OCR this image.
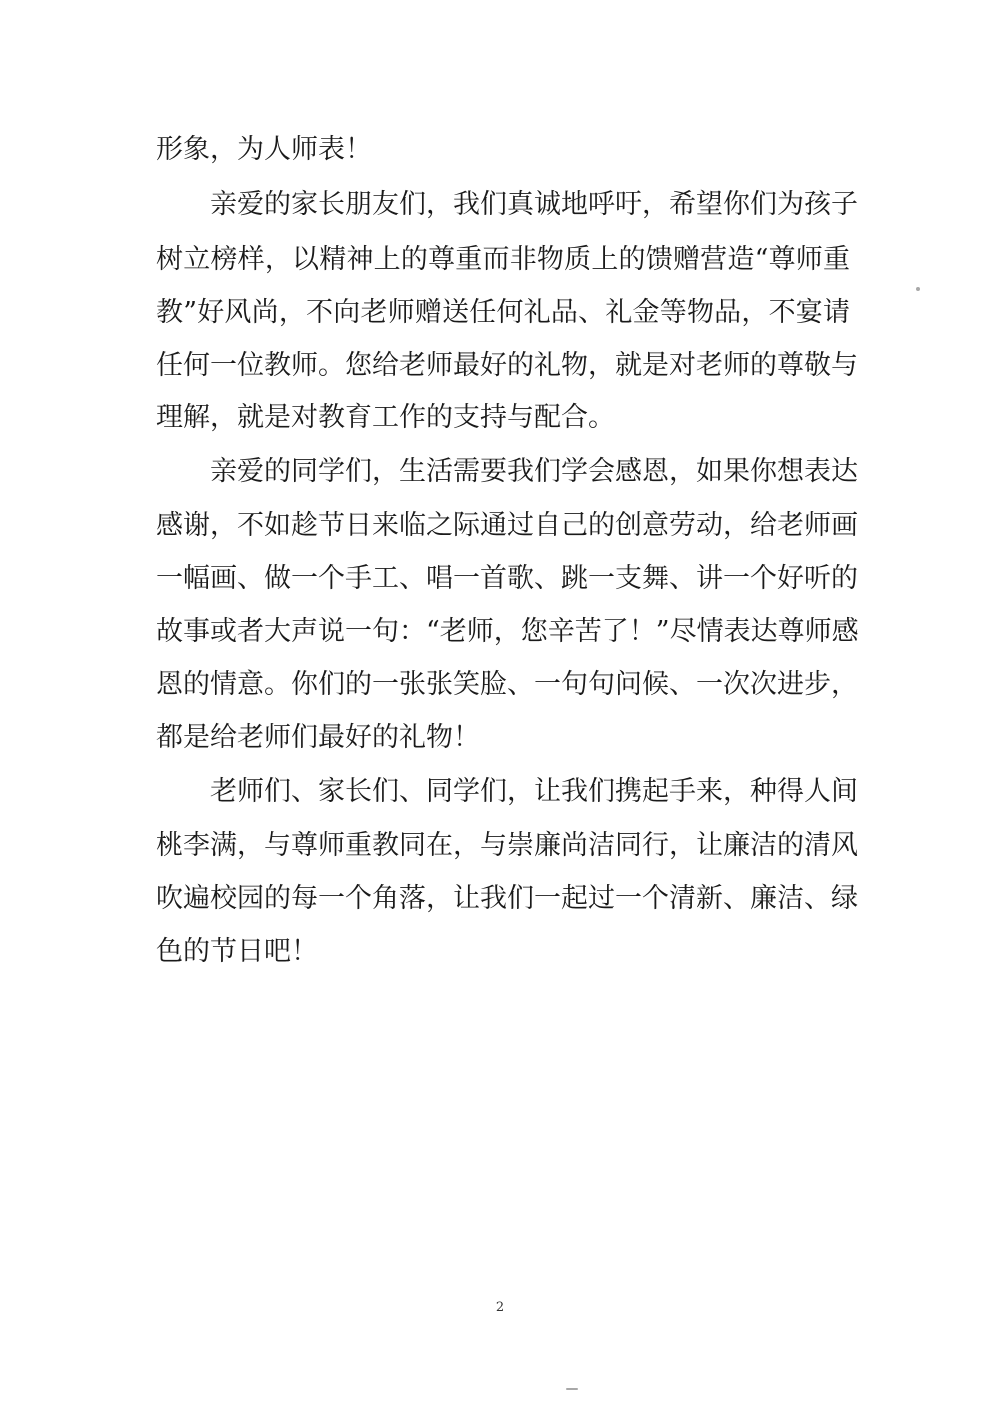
形象，为人师表！

亲爱的家长朋友们，我们真诚地呼吁，希望你们为孩子

树立榜样，以精神上的尊重而非物质上的馈赠营造“尊师重

教”好风尚，不向老师赠送任何礼品、礼金等物品，不宴请

任何一位教师。您给老师最好的礼物，就是对老师的尊敬与

理解，就是对教育工作的支持与配合。

亲爱的同学们，生活需要我们学会感恩，如果你想表达

感谢，不如趁节日来临之际通过自己的创意劳动，给老师画

一幅画、做一个手工、唱一首歌、跳一支舞、讲一个好听的

故事或者大声说一句：“老师，您辛苦了！”尽情表达尊师感

恩的情意。你们的一张张笑脸、一句句问候、一次次进步，

都是给老师们最好的礼物！

老师们、家长们、同学们，让我们携起手来，种得人间

桃李满，与尊师重教同在，与崇廉尚洁同行，让廉洁的清风

吹遍校园的每一个角落，让我们一起过一个清新、廉洁、绿

色的节日吧！

2
